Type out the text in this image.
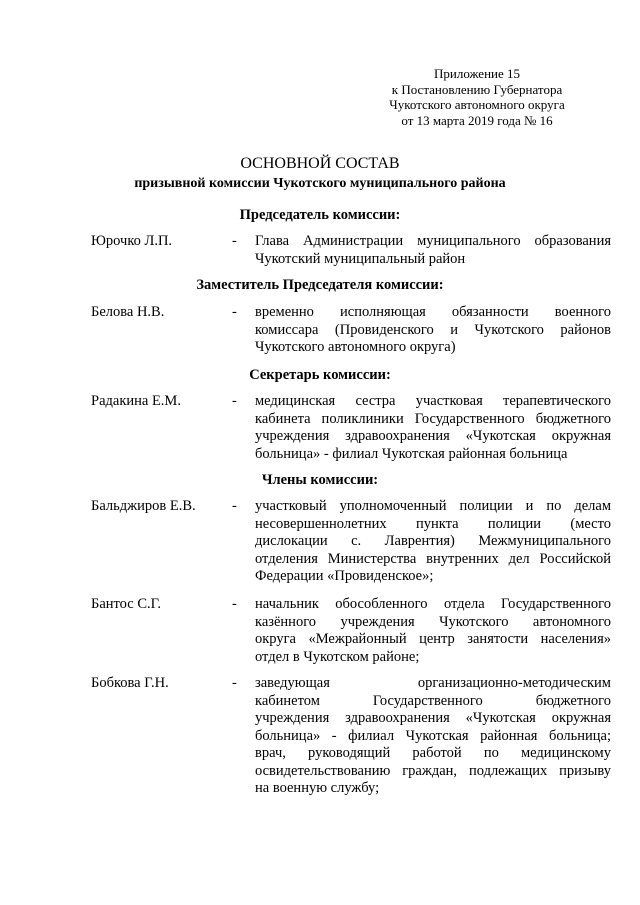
Приложение 15
к Постановлению Губернатора
Чукотского автономного округа
от 13 марта 2019 года № 16
ОСНОВНОЙ СОСТАВ
призывной комиссии Чукотского муниципального района
Председатель комиссии:
Юрочко Л.П.	- Глава Администрации муниципального образования
Чукотский муниципальный район
Заместитель Председателя комиссии:
Белова Н.В.	- временно исполняющая обязанности военного
комиссара (Провиденского и Чукотского районов
Чукотского автономного округа)
Секретарь комиссии:
Радакина Е.М.	- медицинская сестра участковая терапевтического
кабинета поликлиники Государственного бюджетного
учреждения здравоохранения «Чукотская окружная
больница» - филиал Чукотская районная больница
Члены комиссии:
Бальджиров Е.В.	- участковый уполномоченный полиции и по делам
несовершеннолетних пункта полиции (место
дислокации с. Лаврентия) Межмуниципального
отделения Министерства внутренних дел Российской
Федерации «Провиденское»;
Бантос С.Г.	- начальник обособленного отдела Государственного
казённого учреждения Чукотского автономного
округа «Межрайонный центр занятости населения»
отдел в Чукотском районе;
Бобкова Г.Н.	- заведующая организационно-методическим
кабинетом Государственного бюджетного
учреждения здравоохранения «Чукотская окружная
больница» - филиал Чукотская районная больница;
врач, руководящий работой по медицинскому
освидетельствованию граждан, подлежащих призыву
на военную службу;
